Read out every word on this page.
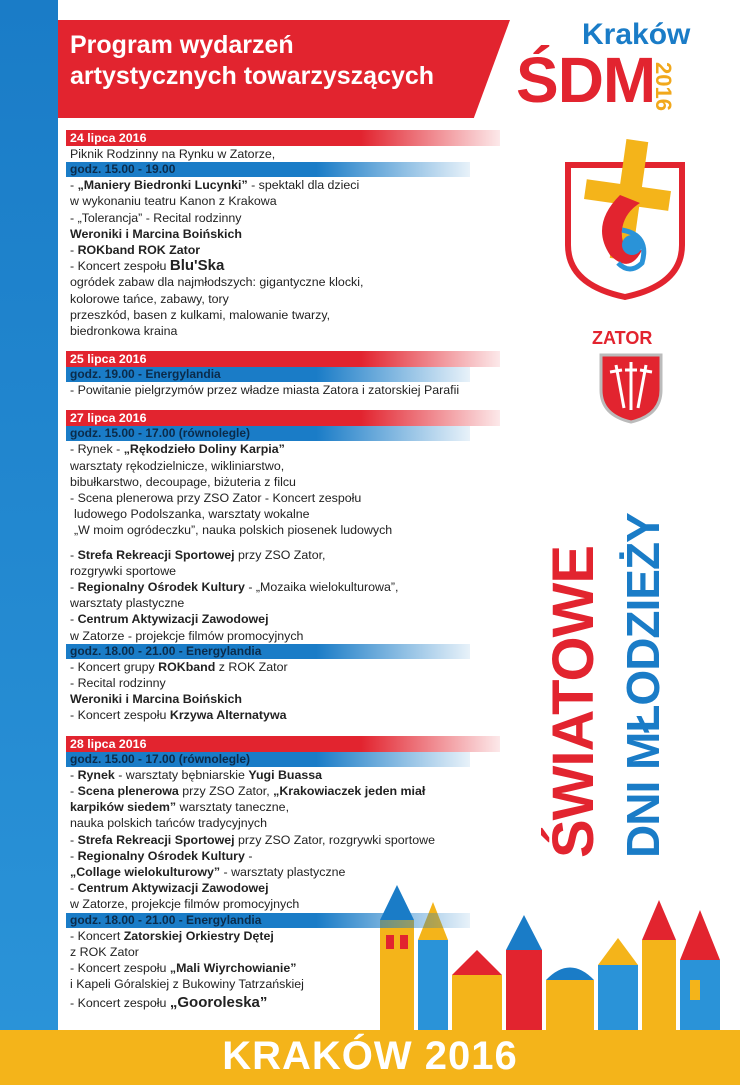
Program wydarzeń

artystycznych towarzyszących
Kraków
ŚDM
2016
ZATOR
ŚWIATOWE DNI MŁODZIEŻY
KRAKÓW 2016
24 lipca 2016
Piknik Rodzinny na Rynku w Zatorze,
godz. 15.00 - 19.00
- „Maniery Biedronki Lucynki” - spektakl dla dzieci
w wykonaniu teatru Kanon z Krakowa
- „Tolerancja” - Recital rodzinny
Weroniki i Marcina Boińskich
- ROKband ROK Zator
- Koncert zespołu Blu'Ska
ogródek zabaw dla najmłodszych: gigantyczne klocki,
kolorowe tańce, zabawy, tory
przeszkód, basen z kulkami, malowanie twarzy,
biedronkowa kraina
25 lipca 2016
godz. 19.00 - Energylandia
- Powitanie pielgrzymów przez władze miasta Zatora i zatorskiej Parafii
27 lipca 2016
godz. 15.00 - 17.00 (równolegle)
- Rynek - „Rękodzieło Doliny Karpia”
warsztaty rękodzielnicze, wikliniarstwo,
bibułkarstwo, decoupage, biżuteria z filcu
- Scena plenerowa przy ZSO Zator - Koncert zespołu
ludowego Podolszanka, warsztaty wokalne
„W moim ogródeczku”, nauka polskich piosenek ludowych
- Strefa Rekreacji Sportowej przy ZSO Zator,
rozgrywki sportowe
- Regionalny Ośrodek Kultury - „Mozaika wielokulturowa”,
warsztaty plastyczne
- Centrum Aktywizacji Zawodowej
w Zatorze - projekcje filmów promocyjnych
godz. 18.00 - 21.00 - Energylandia
- Koncert grupy ROKband z ROK Zator
- Recital rodzinny
Weroniki i Marcina Boińskich
- Koncert zespołu Krzywa Alternatywa
28 lipca 2016
godz. 15.00 - 17.00 (równolegle)
- Rynek - warsztaty bębniarskie Yugi Buassa
- Scena plenerowa przy ZSO Zator, „Krakowiaczek jeden miał
karpików siedem” warsztaty taneczne,
nauka polskich tańców tradycyjnych
- Strefa Rekreacji Sportowej przy ZSO Zator, rozgrywki sportowe
- Regionalny Ośrodek Kultury -
„Collage wielokulturowy” - warsztaty plastyczne
- Centrum Aktywizacji Zawodowej
w Zatorze, projekcje filmów promocyjnych
godz. 18.00 - 21.00 - Energylandia
- Koncert Zatorskiej Orkiestry Dętej
z ROK Zator
- Koncert zespołu „Mali Wiyrchowianie”
i Kapeli Góralskiej z Bukowiny Tatrzańskiej
- Koncert zespołu „Gooroleska”
